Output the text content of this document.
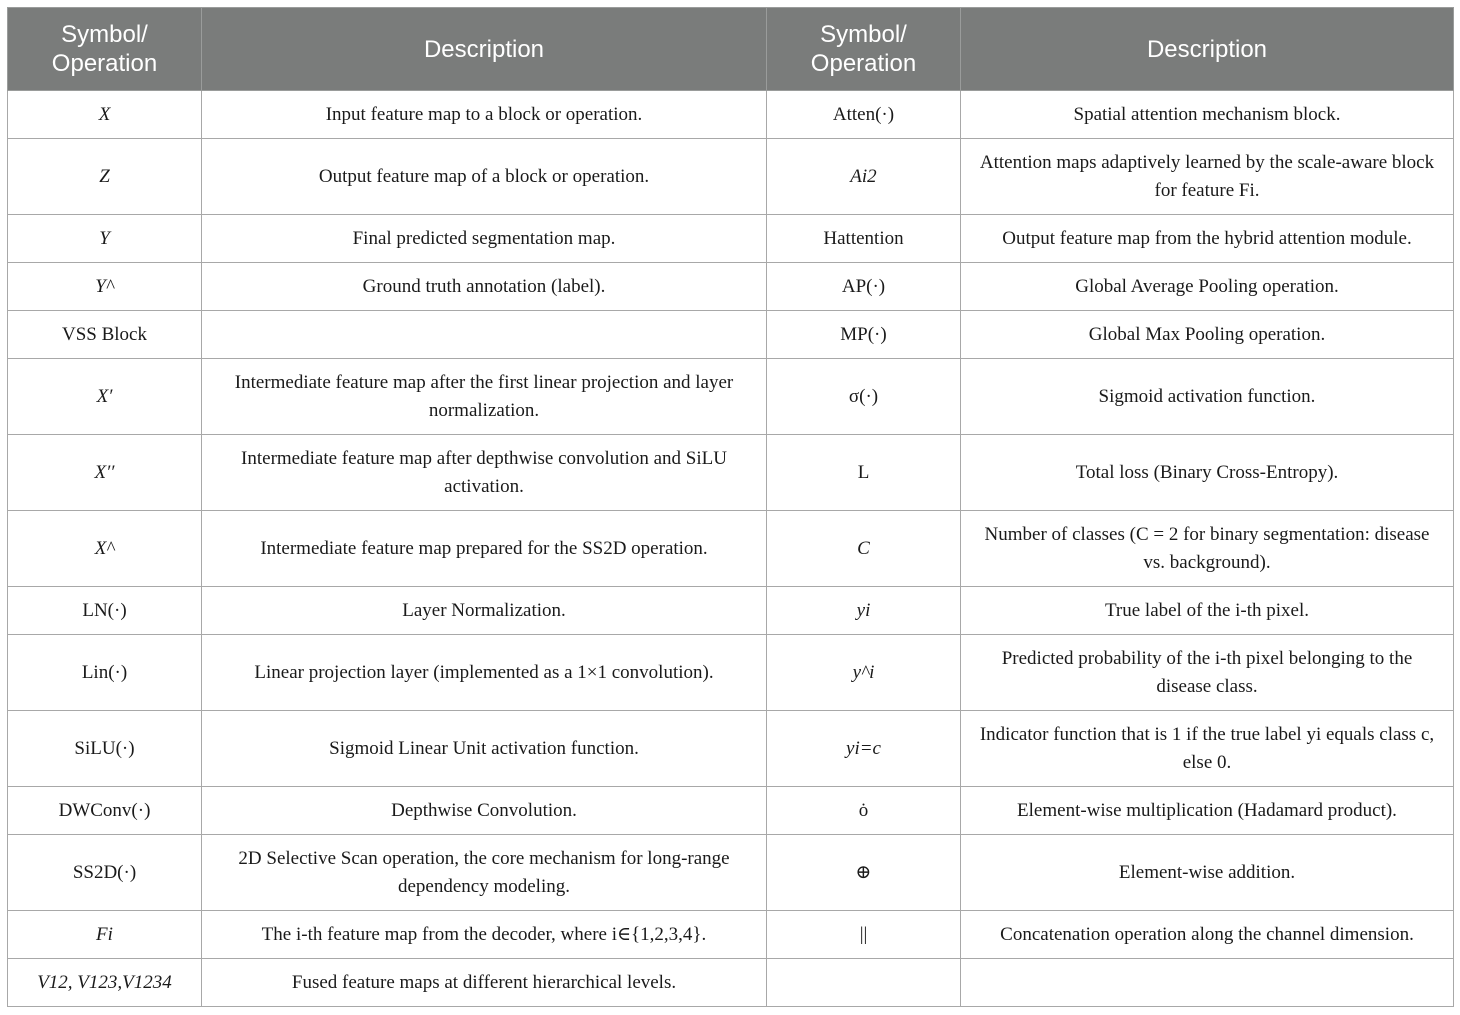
Symbol/ Operation	Description	Symbol/ Operation	Description
X	Input feature map to a block or operation.	Atten(·)	Spatial attention mechanism block.
Z	Output feature map of a block or operation.	Ai2	Attention maps adaptively learned by the scale-aware block for feature Fi.
Y	Final predicted segmentation map.	Hattention	Output feature map from the hybrid attention module.
Y^	Ground truth annotation (label).	AP(·)	Global Average Pooling operation.
VSS Block		MP(·)	Global Max Pooling operation.
X′	Intermediate feature map after the first linear projection and layer normalization.	σ(·)	Sigmoid activation function.
X′′	Intermediate feature map after depthwise convolution and SiLU activation.	L	Total loss (Binary Cross-Entropy).
X^	Intermediate feature map prepared for the SS2D operation.	C	Number of classes (C = 2 for binary segmentation: disease vs. background).
LN(·)	Layer Normalization.	yi	True label of the i-th pixel.
Lin(·)	Linear projection layer (implemented as a 1×1 convolution).	y^i	Predicted probability of the i-th pixel belonging to the disease class.
SiLU(·)	Sigmoid Linear Unit activation function.	yi=c	Indicator function that is 1 if the true label yi equals class c, else 0.
DWConv(·)	Depthwise Convolution.	ȯ	Element-wise multiplication (Hadamard product).
SS2D(·)	2D Selective Scan operation, the core mechanism for long-range dependency modeling.	⊕	Element-wise addition.
Fi	The i-th feature map from the decoder, where i∈{1,2,3,4}.	||	Concatenation operation along the channel dimension.
V12, V123,V1234	Fused feature maps at different hierarchical levels.		
